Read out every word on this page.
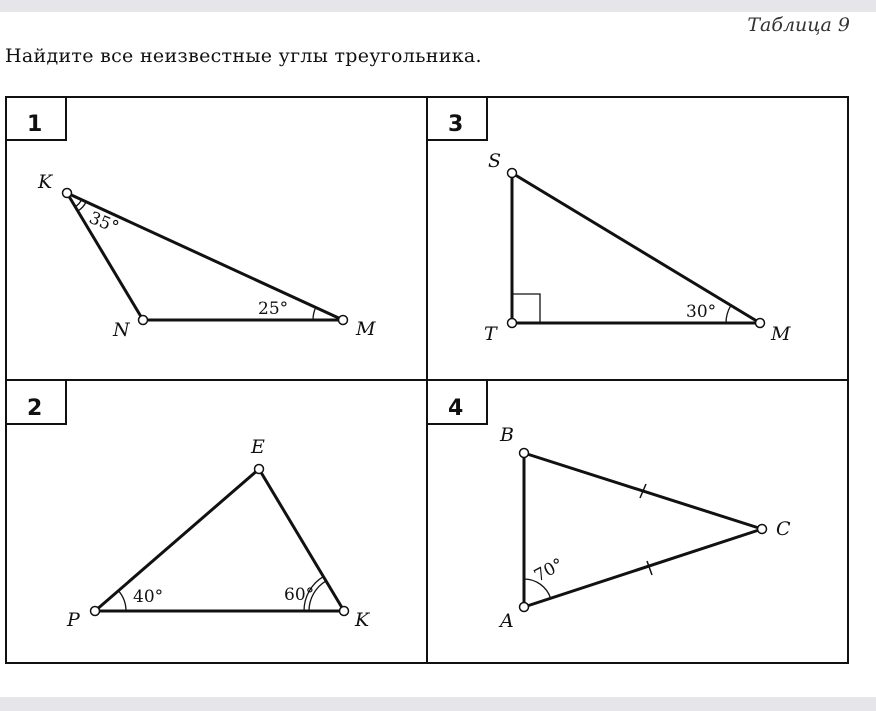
Таблица 9
Найдите все неизвестные углы треугольника.
1
K
N	M
35°
25°
3
S
T	M
30°
2
E
P	K
40°	60°
4
B
C
A
70°
